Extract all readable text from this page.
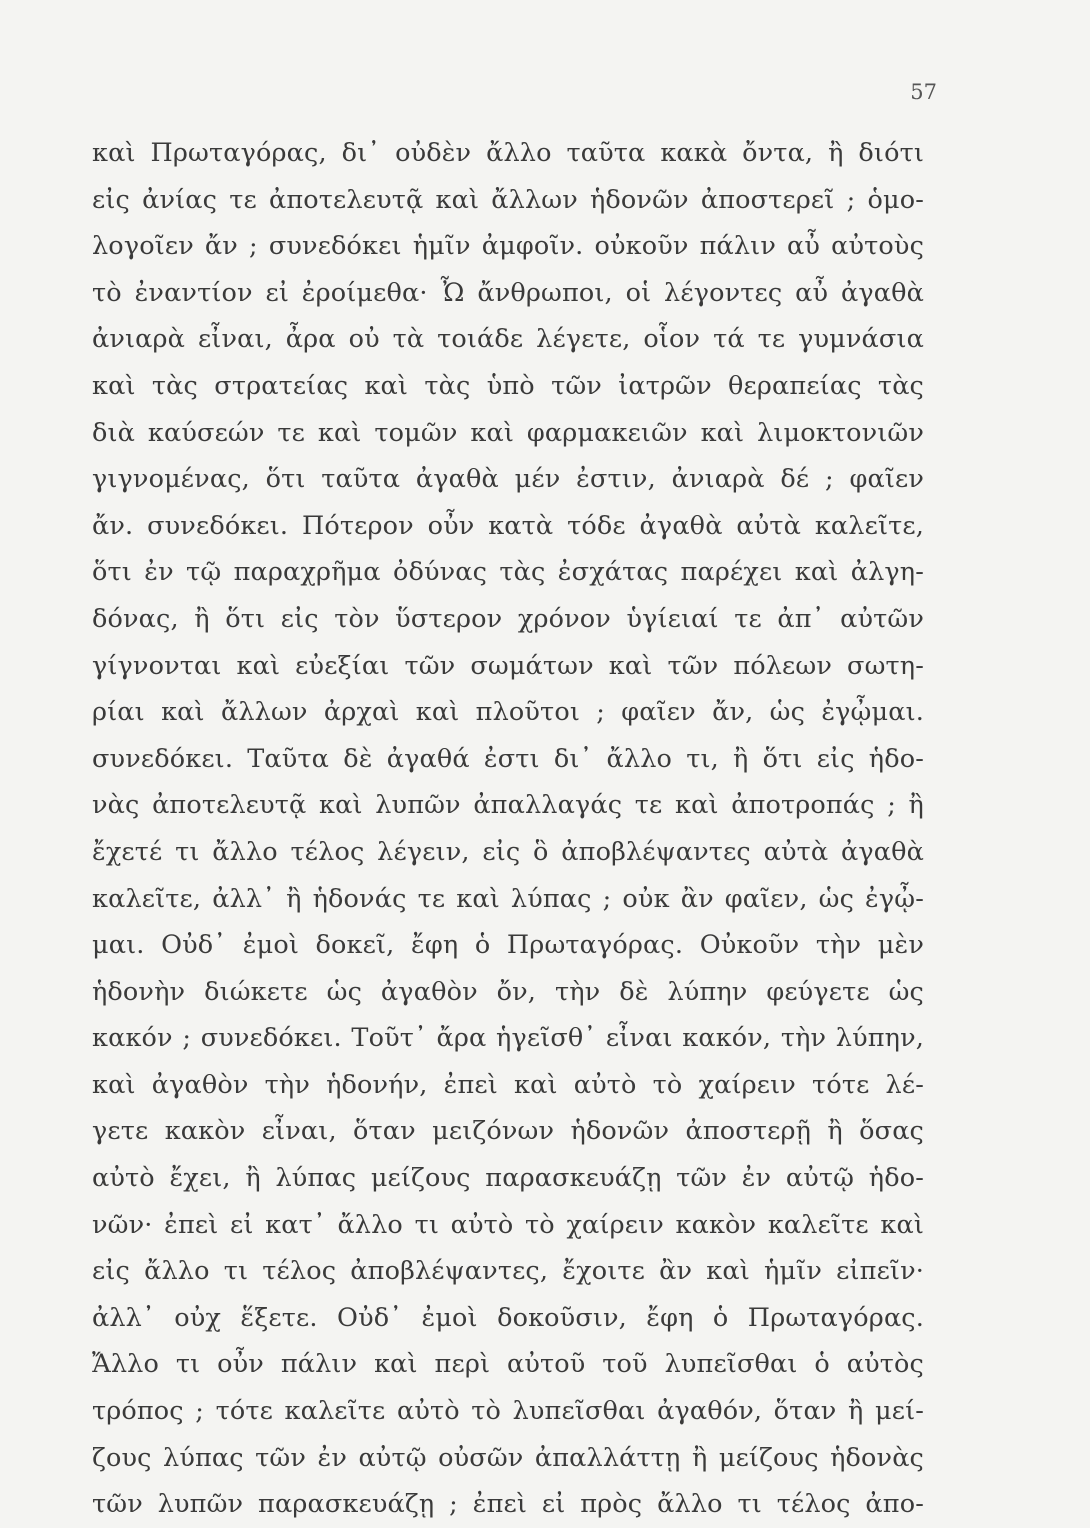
57
καὶ Πρωταγόρας, δι᾽ οὐδὲν ἄλλο ταῦτα κακὰ ὄντα, ἢ διότι
εἰς ἀνίας τε ἀποτελευτᾷ καὶ ἄλλων ἡδονῶν ἀποστερεῖ ; ὁμο-
λογοῖεν ἄν ; συνεδόκει ἡμῖν ἀμφοῖν. οὐκοῦν πάλιν αὖ αὐτοὺς
τὸ ἐναντίον εἰ ἐροίμεθα· Ὦ ἄνθρωποι, οἱ λέγοντες αὖ ἀγαθὰ
ἀνιαρὰ εἶναι, ἆρα οὐ τὰ τοιάδε λέγετε, οἷον τά τε γυμνάσια
καὶ τὰς στρατείας καὶ τὰς ὑπὸ τῶν ἰατρῶν θεραπείας τὰς
διὰ καύσεών τε καὶ τομῶν καὶ φαρμακειῶν καὶ λιμοκτονιῶν
γιγνομένας, ὅτι ταῦτα ἀγαθὰ μέν ἐστιν, ἀνιαρὰ δέ ; φαῖεν
ἄν. συνεδόκει. Πότερον οὖν κατὰ τόδε ἀγαθὰ αὐτὰ καλεῖτε,
ὅτι ἐν τῷ παραχρῆμα ὀδύνας τὰς ἐσχάτας παρέχει καὶ ἀλγη-
δόνας, ἢ ὅτι εἰς τὸν ὕστερον χρόνον ὑγίειαί τε ἀπ᾽ αὐτῶν
γίγνονται καὶ εὐεξίαι τῶν σωμάτων καὶ τῶν πόλεων σωτη-
ρίαι καὶ ἄλλων ἀρχαὶ καὶ πλοῦτοι ; φαῖεν ἄν, ὡς ἐγᾦμαι.
συνεδόκει. Ταῦτα δὲ ἀγαθά ἐστι δι᾽ ἄλλο τι, ἢ ὅτι εἰς ἡδο-
νὰς ἀποτελευτᾷ καὶ λυπῶν ἀπαλλαγάς τε καὶ ἀποτροπάς ; ἢ
ἔχετέ τι ἄλλο τέλος λέγειν, εἰς ὃ ἀποβλέψαντες αὐτὰ ἀγαθὰ
καλεῖτε, ἀλλ᾽ ἢ ἡδονάς τε καὶ λύπας ; οὐκ ἂν φαῖεν, ὡς ἐγᾦ-
μαι. Οὐδ᾽ ἐμοὶ δοκεῖ, ἔφη ὁ Πρωταγόρας. Οὐκοῦν τὴν μὲν
ἡδονὴν διώκετε ὡς ἀγαθὸν ὄν, τὴν δὲ λύπην φεύγετε ὡς
κακόν ; συνεδόκει. Τοῦτ᾽ ἄρα ἡγεῖσθ᾽ εἶναι κακόν, τὴν λύπην,
καὶ ἀγαθὸν τὴν ἡδονήν, ἐπεὶ καὶ αὐτὸ τὸ χαίρειν τότε λέ-
γετε κακὸν εἶναι, ὅταν μειζόνων ἡδονῶν ἀποστερῇ ἢ ὅσας
αὐτὸ ἔχει, ἢ λύπας μείζους παρασκευάζῃ τῶν ἐν αὐτῷ ἡδο-
νῶν· ἐπεὶ εἰ κατ᾽ ἄλλο τι αὐτὸ τὸ χαίρειν κακὸν καλεῖτε καὶ
εἰς ἄλλο τι τέλος ἀποβλέψαντες, ἔχοιτε ἂν καὶ ἡμῖν εἰπεῖν·
ἀλλ᾽ οὐχ ἕξετε. Οὐδ᾽ ἐμοὶ δοκοῦσιν, ἔφη ὁ Πρωταγόρας.
Ἄλλο τι οὖν πάλιν καὶ περὶ αὐτοῦ τοῦ λυπεῖσθαι ὁ αὐτὸς
τρόπος ; τότε καλεῖτε αὐτὸ τὸ λυπεῖσθαι ἀγαθόν, ὅταν ἢ μεί-
ζους λύπας τῶν ἐν αὐτῷ οὐσῶν ἀπαλλάττῃ ἢ μείζους ἡδονὰς
τῶν λυπῶν παρασκευάζῃ ; ἐπεὶ εἰ πρὸς ἄλλο τι τέλος ἀπο-
